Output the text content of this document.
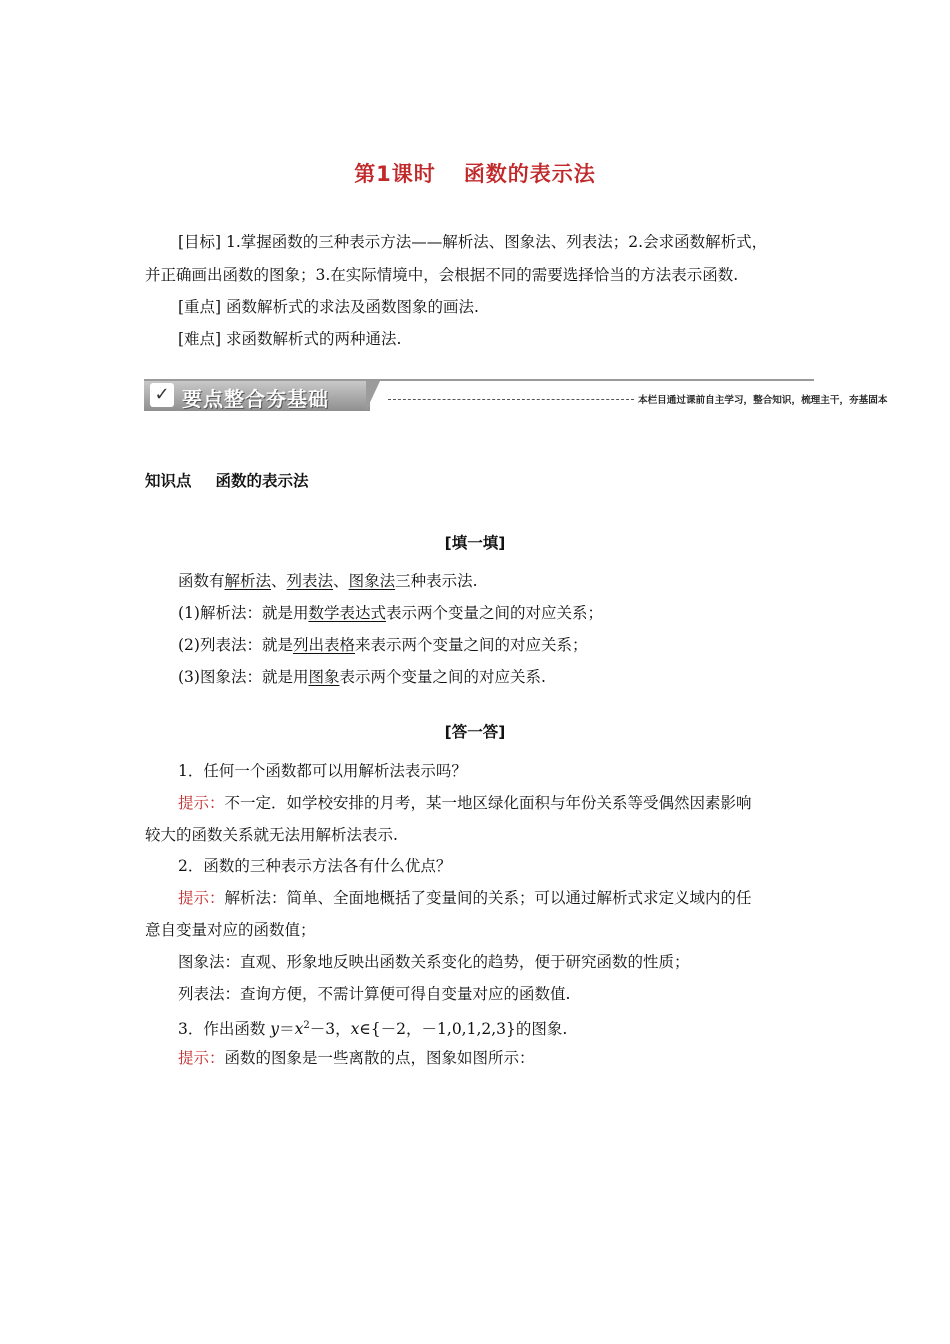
第1课时 函数的表示法
[目标] 1.掌握函数的三种表示方法——解析法、图象法、列表法；2.会求函数解析式，
并正确画出函数的图象；3.在实际情境中，会根据不同的需要选择恰当的方法表示函数.
[重点] 函数解析式的求法及函数图象的画法.
[难点] 求函数解析式的两种通法.
✓ 要点整合夯基础	本栏目通过课前自主学习，整合知识，梳理主干，夯基固本
知识点 函数的表示法
[填一填]
函数有解析法、列表法、图象法三种表示法.
(1)解析法：就是用数学表达式表示两个变量之间的对应关系；
(2)列表法：就是列出表格来表示两个变量之间的对应关系；
(3)图象法：就是用图象表示两个变量之间的对应关系.
[答一答]
1．任何一个函数都可以用解析法表示吗？
提示：不一定．如学校安排的月考，某一地区绿化面积与年份关系等受偶然因素影响
较大的函数关系就无法用解析法表示.
2．函数的三种表示方法各有什么优点？
提示：解析法：简单、全面地概括了变量间的关系；可以通过解析式求定义域内的任
意自变量对应的函数值；
图象法：直观、形象地反映出函数关系变化的趋势，便于研究函数的性质；
列表法：查询方便，不需计算便可得自变量对应的函数值.
3．作出函数 $y=x^2-3$，x∈{－2，－1,0,1,2,3}的图象.
提示：函数的图象是一些离散的点，图象如图所示：
